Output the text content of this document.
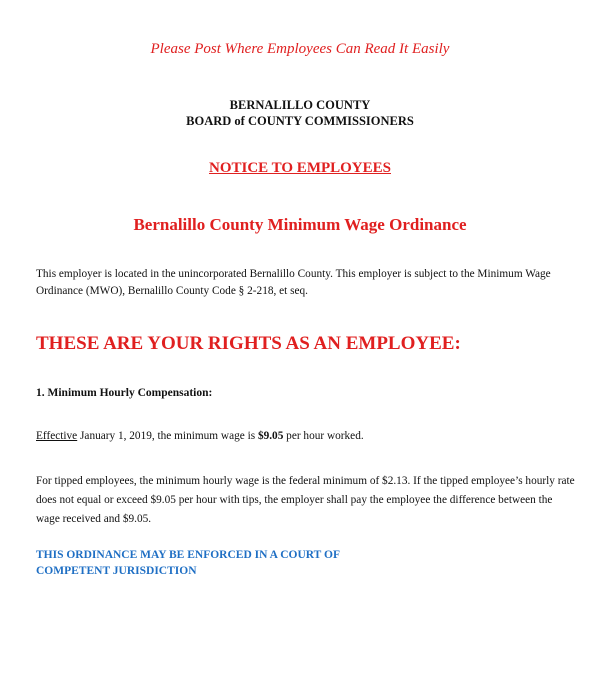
Please Post Where Employees Can Read It Easily
BERNALILLO COUNTY
BOARD of COUNTY COMMISSIONERS
NOTICE TO EMPLOYEES
Bernalillo County Minimum Wage Ordinance
This employer is located in the unincorporated Bernalillo County. This employer is subject to the Minimum Wage Ordinance (MWO), Bernalillo County Code § 2-218, et seq.
THESE ARE YOUR RIGHTS AS AN EMPLOYEE:
1. Minimum Hourly Compensation:
Effective January 1, 2019, the minimum wage is $9.05 per hour worked.
For tipped employees, the minimum hourly wage is the federal minimum of $2.13. If the tipped employee’s hourly rate does not equal or exceed $9.05 per hour with tips, the employer shall pay the employee the difference between the wage received and $9.05.
THIS ORDINANCE MAY BE ENFORCED IN A COURT OF
COMPETENT JURISDICTION
